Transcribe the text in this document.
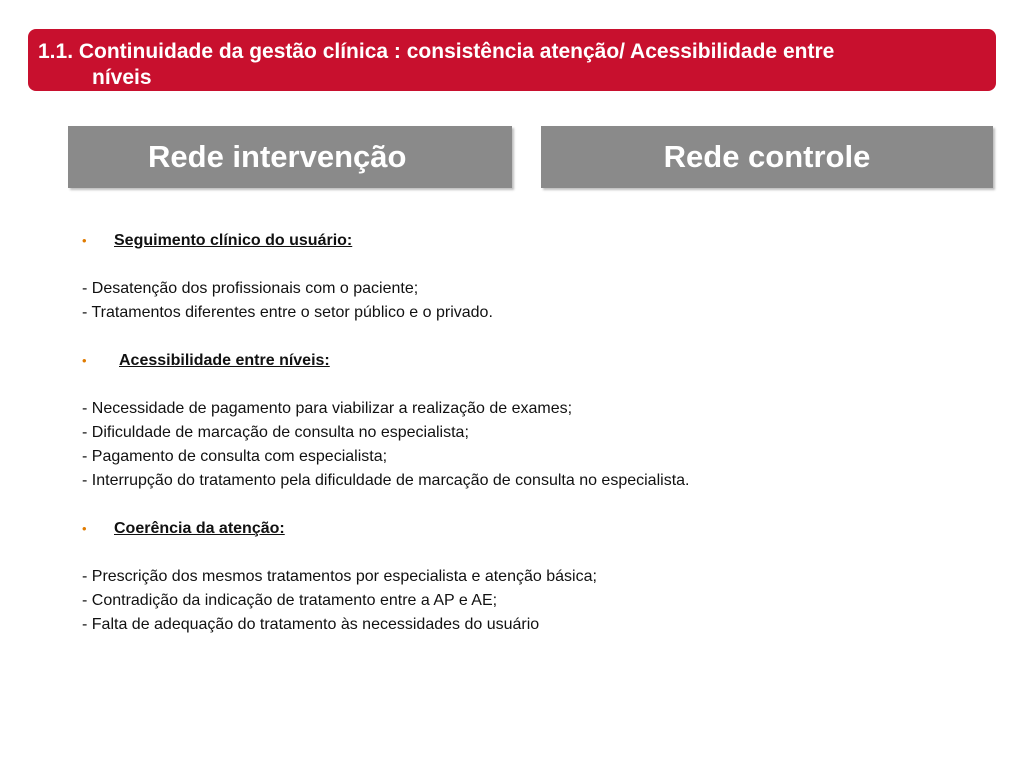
1.1. Continuidade da gestão clínica : consistência atenção/ Acessibilidade entre
níveis
Rede intervenção	Rede controle
•	Seguimento clínico do usuário:
- Desatenção dos profissionais com o paciente;
- Tratamentos diferentes entre o setor público e o privado.
•	Acessibilidade entre níveis:
- Necessidade de pagamento para viabilizar a realização de exames;
- Dificuldade de marcação de consulta no especialista;
- Pagamento de consulta com especialista;
- Interrupção do tratamento pela dificuldade de marcação de consulta no especialista.
•	Coerência da atenção:
- Prescrição dos mesmos tratamentos por especialista e atenção básica;
- Contradição da indicação de tratamento entre a AP e AE;
- Falta de adequação do tratamento às necessidades do usuário
